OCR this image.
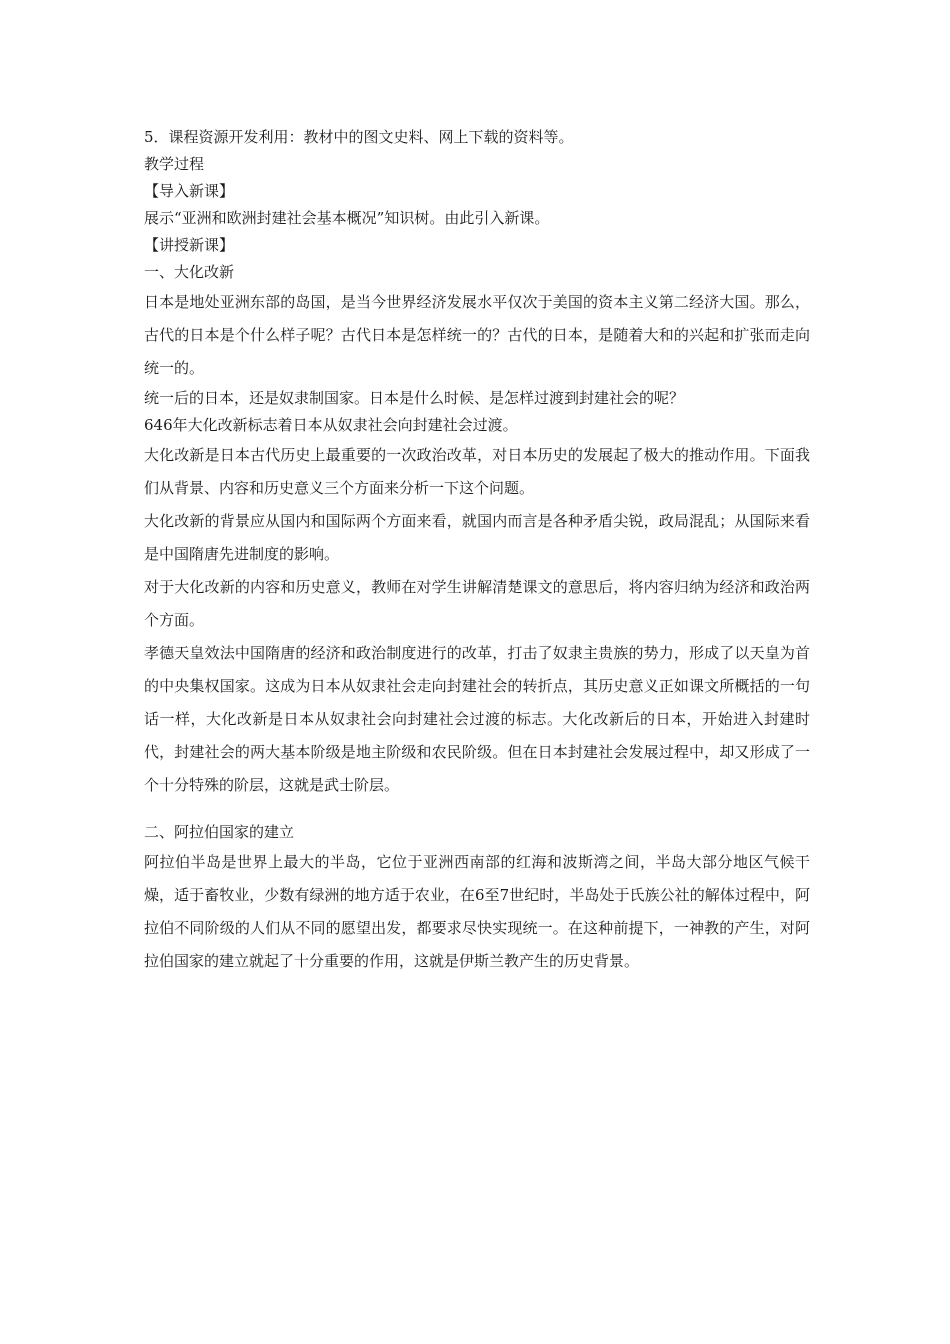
5．课程资源开发利用：教材中的图文史料、网上下载的资料等。

教学过程

【导入新课】

展示“亚洲和欧洲封建社会基本概况”知识树。由此引入新课。

【讲授新课】

一、大化改新

日本是地处亚洲东部的岛国，是当今世界经济发展水平仅次于美国的资本主义第二经济大国。那么，古代的日本是个什么样子呢？古代日本是怎样统一的？古代的日本，是随着大和的兴起和扩张而走向统一的。

统一后的日本，还是奴隶制国家。日本是什么时候、是怎样过渡到封建社会的呢？

646年大化改新标志着日本从奴隶社会向封建社会过渡。

大化改新是日本古代历史上最重要的一次政治改革，对日本历史的发展起了极大的推动作用。下面我们从背景、内容和历史意义三个方面来分析一下这个问题。

大化改新的背景应从国内和国际两个方面来看，就国内而言是各种矛盾尖锐，政局混乱；从国际来看是中国隋唐先进制度的影响。

对于大化改新的内容和历史意义，教师在对学生讲解清楚课文的意思后，将内容归纳为经济和政治两个方面。

孝德天皇效法中国隋唐的经济和政治制度进行的改革，打击了奴隶主贵族的势力，形成了以天皇为首的中央集权国家。这成为日本从奴隶社会走向封建社会的转折点，其历史意义正如课文所概括的一句话一样，大化改新是日本从奴隶社会向封建社会过渡的标志。大化改新后的日本，开始进入封建时代，封建社会的两大基本阶级是地主阶级和农民阶级。但在日本封建社会发展过程中，却又形成了一个十分特殊的阶层，这就是武士阶层。

二、阿拉伯国家的建立

阿拉伯半岛是世界上最大的半岛，它位于亚洲西南部的红海和波斯湾之间，半岛大部分地区气候干燥，适于畜牧业，少数有绿洲的地方适于农业，在6至7世纪时，半岛处于氏族公社的解体过程中，阿拉伯不同阶级的人们从不同的愿望出发，都要求尽快实现统一。在这种前提下，一神教的产生，对阿拉伯国家的建立就起了十分重要的作用，这就是伊斯兰教产生的历史背景。
